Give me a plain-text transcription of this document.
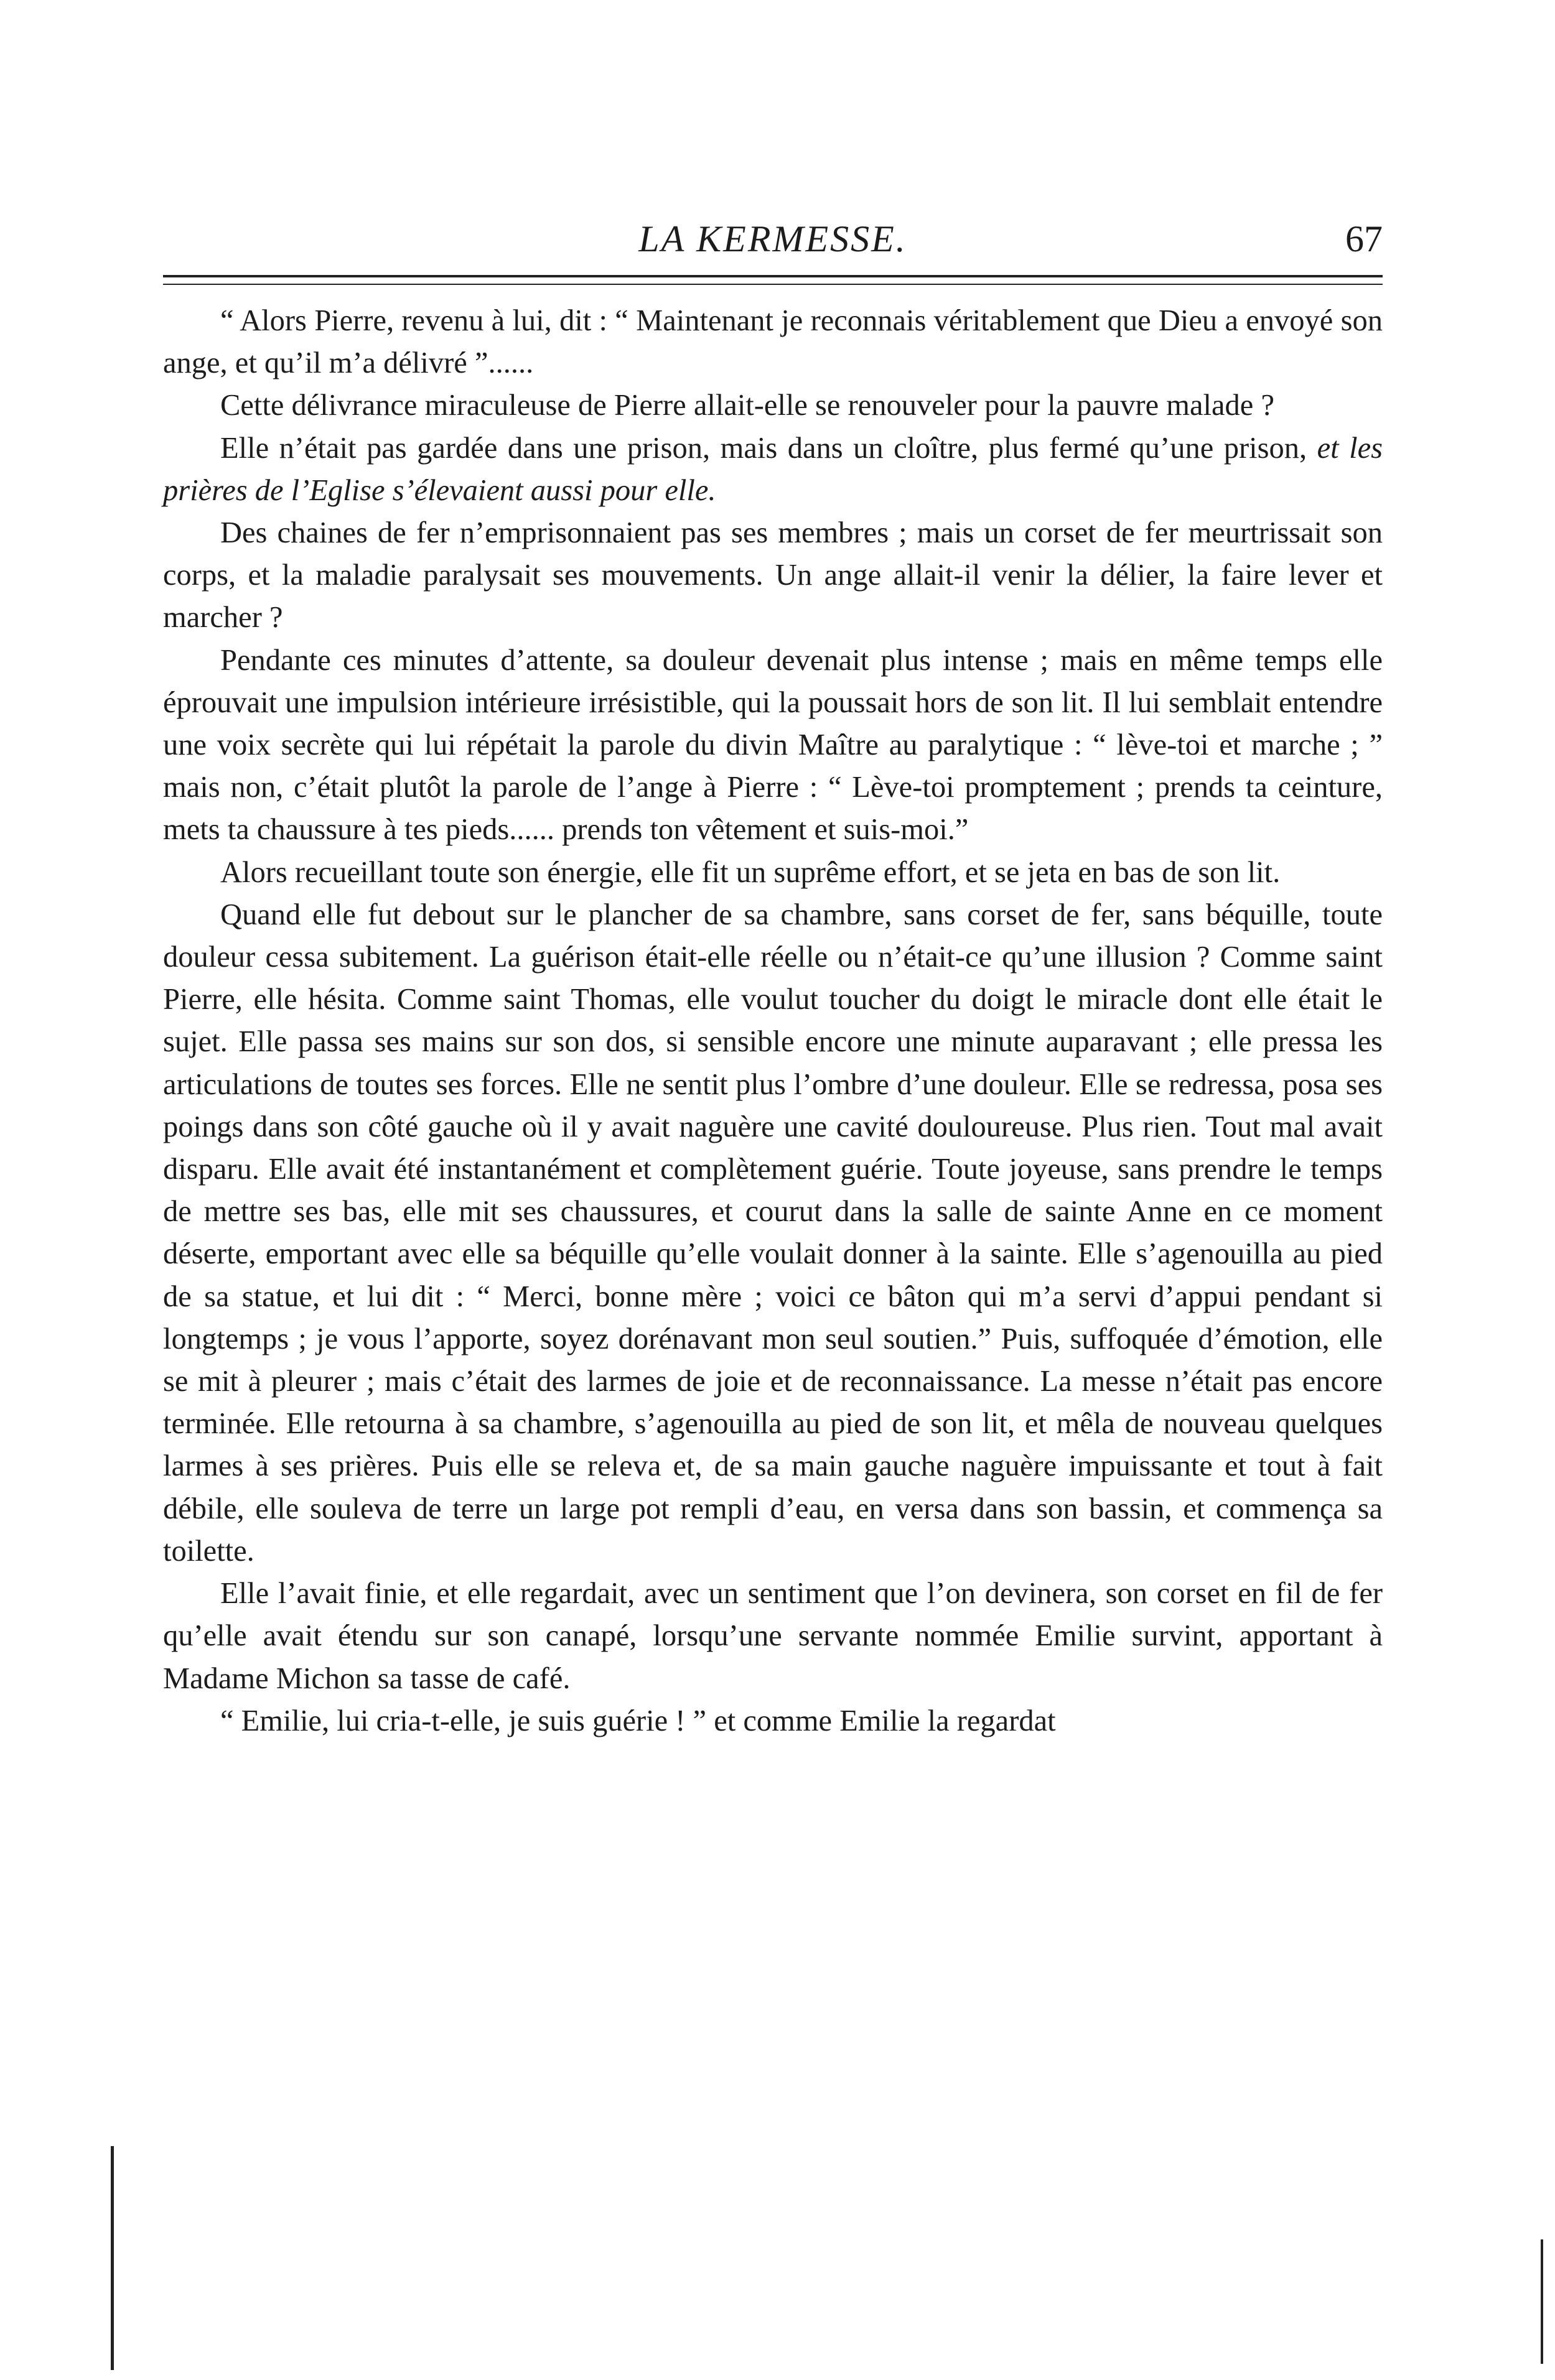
LA KERMESSE.	67

“ Alors Pierre, revenu à lui, dit : “ Maintenant je reconnais véritablement que Dieu a envoyé son ange, et qu’il m’a délivré ”......

Cette délivrance miraculeuse de Pierre allait-elle se renouveler pour la pauvre malade ?

Elle n’était pas gardée dans une prison, mais dans un cloître, plus fermé qu’une prison, et les prières de l’Eglise s’élevaient aussi pour elle.

Des chaines de fer n’emprisonnaient pas ses membres ; mais un corset de fer meurtrissait son corps, et la maladie paralysait ses mouvements. Un ange allait-il venir la délier, la faire lever et marcher ?

Pendante ces minutes d’attente, sa douleur devenait plus intense ; mais en même temps elle éprouvait une impulsion intérieure irrésistible, qui la poussait hors de son lit. Il lui semblait entendre une voix secrète qui lui répétait la parole du divin Maître au paralytique : “ lève-toi et marche ; ” mais non, c’était plutôt la parole de l’ange à Pierre : “ Lève-toi promptement ; prends ta ceinture, mets ta chaussure à tes pieds...... prends ton vêtement et suis-moi.”

Alors recueillant toute son énergie, elle fit un suprême effort, et se jeta en bas de son lit.

Quand elle fut debout sur le plancher de sa chambre, sans corset de fer, sans béquille, toute douleur cessa subitement. La guérison était-elle réelle ou n’était-ce qu’une illusion ? Comme saint Pierre, elle hésita. Comme saint Thomas, elle voulut toucher du doigt le miracle dont elle était le sujet. Elle passa ses mains sur son dos, si sensible encore une minute auparavant ; elle pressa les articulations de toutes ses forces. Elle ne sentit plus l’ombre d’une douleur. Elle se redressa, posa ses poings dans son côté gauche où il y avait naguère une cavité douloureuse. Plus rien. Tout mal avait disparu. Elle avait été instantanément et complètement guérie. Toute joyeuse, sans prendre le temps de mettre ses bas, elle mit ses chaussures, et courut dans la salle de sainte Anne en ce moment déserte, emportant avec elle sa béquille qu’elle voulait donner à la sainte. Elle s’agenouilla au pied de sa statue, et lui dit : “ Merci, bonne mère ; voici ce bâton qui m’a servi d’appui pendant si longtemps ; je vous l’apporte, soyez dorénavant mon seul soutien.” Puis, suffoquée d’émotion, elle se mit à pleurer ; mais c’était des larmes de joie et de reconnaissance. La messe n’était pas encore terminée. Elle retourna à sa chambre, s’agenouilla au pied de son lit, et mêla de nouveau quelques larmes à ses prières. Puis elle se releva et, de sa main gauche naguère impuissante et tout à fait débile, elle souleva de terre un large pot rempli d’eau, en versa dans son bassin, et commença sa toilette.

Elle l’avait finie, et elle regardait, avec un sentiment que l’on devinera, son corset en fil de fer qu’elle avait étendu sur son canapé, lorsqu’une servante nommée Emilie survint, apportant à Madame Michon sa tasse de café.

“ Emilie, lui cria-t-elle, je suis guérie ! ” et comme Emilie la regardat
